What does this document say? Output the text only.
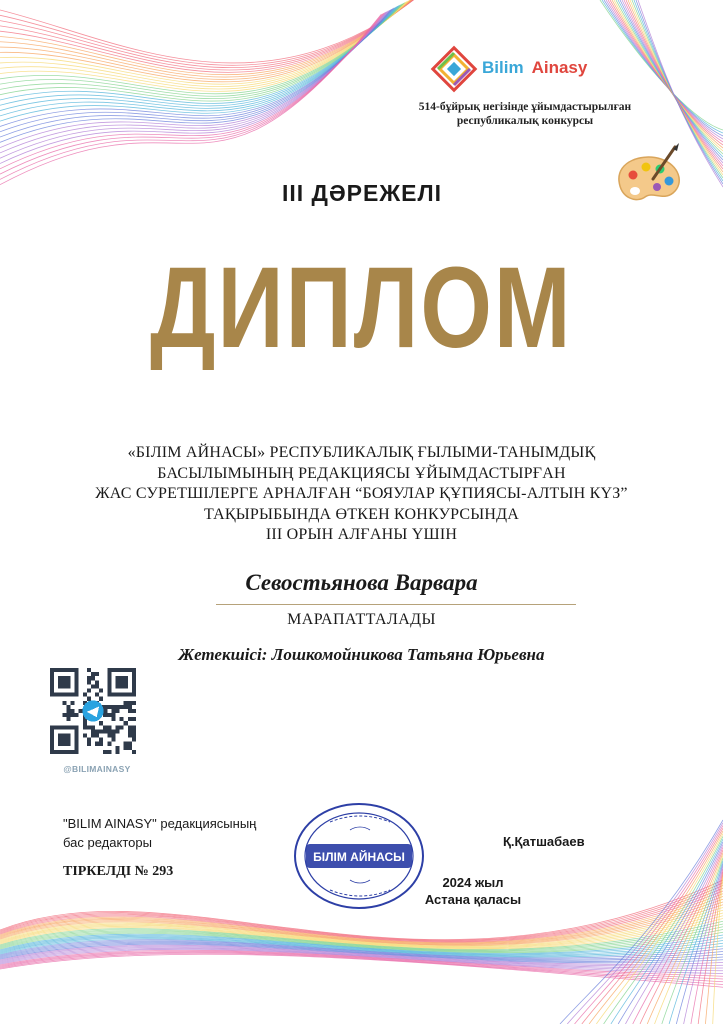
Bilim Ainasy
514-бұйрық негізінде ұйымдастырылған
республикалық конкурсы
III ДӘРЕЖЕЛІ
ДИПЛОМ
«БІЛІМ АЙНАСЫ» РЕСПУБЛИКАЛЫҚ ҒЫЛЫМИ-ТАНЫМДЫҚ
БАСЫЛЫМЫНЫҢ РЕДАКЦИЯСЫ ҰЙЫМДАСТЫРҒАН
ЖАС СУРЕТШІЛЕРГЕ АРНАЛҒАН “БОЯУЛАР ҚҰПИЯСЫ-АЛТЫН КҮЗ”
ТАҚЫРЫБЫНДА ӨТКЕН КОНКУРСЫНДА
III ОРЫН АЛҒАНЫ ҮШІН
Севостьянова Варвара
МАРАПАТТАЛАДЫ
Жетекшісі: Лошкомойникова Татьяна Юрьевна
@BILIMAINASY
"BILIM AINASY" редакциясының
бас редакторы
ТІРКЕЛДІ № 293
БІЛІМ АЙНАСЫ
Қ.Қатшабаев
2024 жыл
Астана қаласы
